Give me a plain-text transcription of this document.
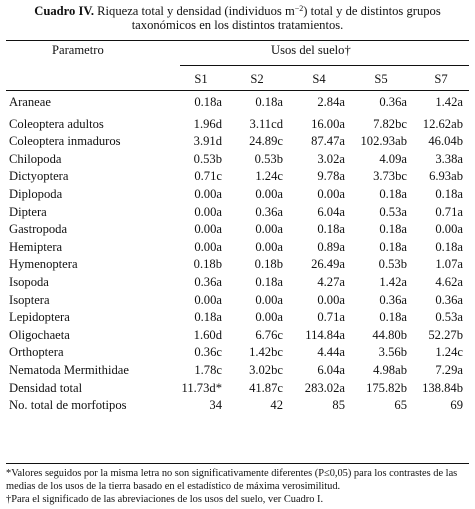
Cuadro IV. Riqueza total y densidad (individuos $m^{-2}$) total y de distintos grupos taxonómicos en los distintos tratamientos.
Parametro	Usos del suelo†
S1	S2	S4	S5	S7
Araneae	0.18a	0.18a	2.84a	0.36a	1.42a

Coleoptera adultos	1.96d	3.11cd	16.00a	7.82bc	12.62ab
Coleoptera inmaduros	3.91d	24.89c	87.47a	102.93ab	46.04b
Chilopoda	0.53b	0.53b	3.02a	4.09a	3.38a
Dictyoptera	0.71c	1.24c	9.78a	3.73bc	6.93ab
Diplopoda	0.00a	0.00a	0.00a	0.18a	0.18a
Diptera	0.00a	0.36a	6.04a	0.53a	0.71a
Gastropoda	0.00a	0.00a	0.18a	0.18a	0.00a
Hemiptera	0.00a	0.00a	0.89a	0.18a	0.18a
Hymenoptera	0.18b	0.18b	26.49a	0.53b	1.07a
Isopoda	0.36a	0.18a	4.27a	1.42a	4.62a
Isoptera	0.00a	0.00a	0.00a	0.36a	0.36a
Lepidoptera	0.18a	0.00a	0.71a	0.18a	0.53a
Oligochaeta	1.60d	6.76c	114.84a	44.80b	52.27b
Orthoptera	0.36c	1.42bc	4.44a	3.56b	1.24c
Nematoda Mermithidae	1.78c	3.02bc	6.04a	4.98ab	7.29a
Densidad total	11.73d*	41.87c	283.02a	175.82b	138.84b
No. total de morfotipos	34	42	85	65	69
*Valores seguidos por la misma letra no son significativamente diferentes (P≤0,05) para los contrastes de las medias de los usos de la tierra basado en el estadístico de máxima verosimilitud.
†Para el significado de las abreviaciones de los usos del suelo, ver Cuadro I.
